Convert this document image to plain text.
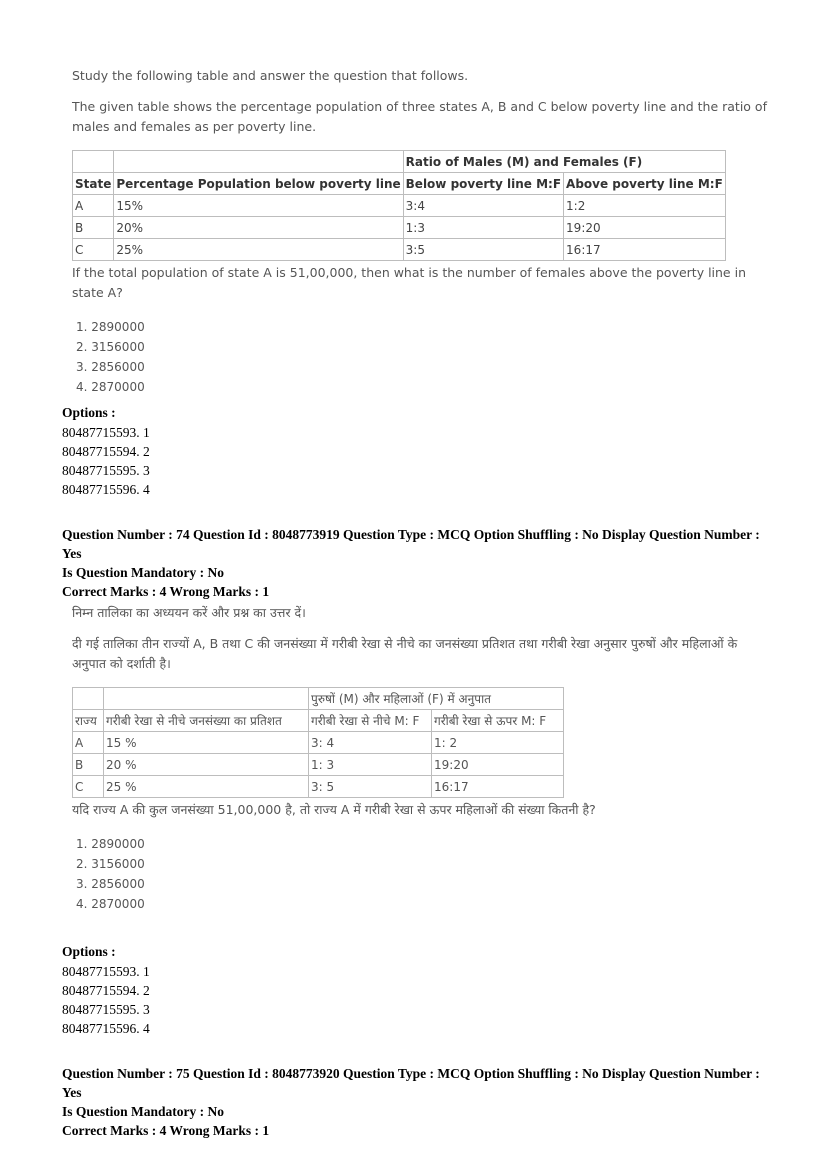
Study the following table and answer the question that follows.

The given table shows the percentage population of three states A, B and C below poverty line and the ratio of males and females as per poverty line.

		Ratio of Males (M) and Females (F)	
State	Percentage Population below poverty line	Below poverty line M:F	Above poverty line M:F
A	15%	3:4	1:2
B	20%	1:3	19:20
C	25%	3:5	16:17

If the total population of state A is 51,00,000, then what is the number of females above the poverty line in state A?

1. 2890000
2. 3156000
3. 2856000
4. 2870000
Options :
80487715593. 1
80487715594. 2
80487715595. 3
80487715596. 4
Question Number : 74 Question Id : 8048773919 Question Type : MCQ Option Shuffling : No Display Question Number : Yes
Is Question Mandatory : No
Correct Marks : 4 Wrong Marks : 1

निम्न तालिका का अध्ययन करें और प्रश्न का उत्तर दें।

दी गई तालिका तीन राज्यों A, B तथा C की जनसंख्या में गरीबी रेखा से नीचे का जनसंख्या प्रतिशत तथा गरीबी रेखा अनुसार पुरुषों और महिलाओं के अनुपात को दर्शाती है।

		पुरुषों (M) और महिलाओं (F) में अनुपात	
राज्य	गरीबी रेखा से नीचे जनसंख्या का प्रतिशत	गरीबी रेखा से नीचे M: F	गरीबी रेखा से ऊपर M: F
A	15 %	3: 4	1: 2
B	20 %	1: 3	19:20
C	25 %	3: 5	16:17

यदि राज्य A की कुल जनसंख्या 51,00,000 है, तो राज्य A में गरीबी रेखा से ऊपर महिलाओं की संख्या कितनी है?

1. 2890000
2. 3156000
3. 2856000
4. 2870000
Options :
80487715593. 1
80487715594. 2
80487715595. 3
80487715596. 4
Question Number : 75 Question Id : 8048773920 Question Type : MCQ Option Shuffling : No Display Question Number : Yes
Is Question Mandatory : No
Correct Marks : 4 Wrong Marks : 1
